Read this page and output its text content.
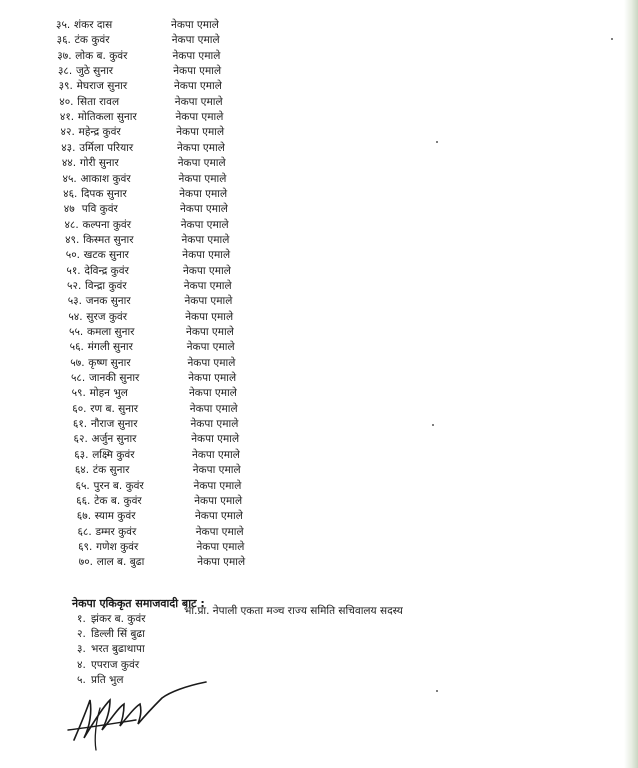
३५. शंकर दास	नेकपा एमाले
३६. टंक कुवंर	नेकपा एमाले
३७. लोक ब. कुवंर	नेकपा एमाले
३८. जुठे सुनार	नेकपा एमाले
३९. मेघराज सुनार	नेकपा एमाले
४०. सिता रावल	नेकपा एमाले
४१. मोतिकला सुनार	नेकपा एमाले
४२. महेन्द्र कुवंर	नेकपा एमाले
४३. उर्मिला परियार	नेकपा एमाले
४४. गोरी सुनार	नेकपा एमाले
४५. आकाश कुवंर	नेकपा एमाले
४६. दिपक सुनार	नेकपा एमाले
४७ पवि कुवंर	नेकपा एमाले
४८. कल्पना कुवंर	नेकपा एमाले
४९. किस्मत सुनार	नेकपा एमाले
५०. खटक सुनार	नेकपा एमाले
५१. देविन्द्र कुवंर	नेकपा एमाले
५२. विन्द्रा कुवंर	नेकपा एमाले
५३. जनक सुनार	नेकपा एमाले
५४. सुरज कुवंर	नेकपा एमाले
५५. कमला सुनार	नेकपा एमाले
५६. मंगली सुनार	नेकपा एमाले
५७. कृष्ण सुनार	नेकपा एमाले
५८. जानकी सुनार	नेकपा एमाले
५९. मोहन भुल	नेकपा एमाले
६०. रण ब. सुनार	नेकपा एमाले
६१. नौराज सुनार	नेकपा एमाले
६२. अर्जुन सुनार	नेकपा एमाले
६३. लक्ष्मि कुवंर	नेकपा एमाले
६४. टंक सुनार	नेकपा एमाले
६५. पुरन ब. कुवंर	नेकपा एमाले
६६. टेक ब. कुवंर	नेकपा एमाले
६७. स्याम कुवंर	नेकपा एमाले
६८. डम्मर कुवंर	नेकपा एमाले
६९. गणेश कुवंर	नेकपा एमाले
७०. लाल ब. बुढा	नेकपा एमाले
नेकपा एकिकृत समाजवादी बाट :
भा.प्रा. नेपाली एकता मञ्च राज्य समिति सचिवालय सदस्य
१. झंकर ब. कुवंर
२. डिल्ली सिं बुढा
३. भरत बुढाथापा
४. एपराज कुवंर
५. प्रति भुल
